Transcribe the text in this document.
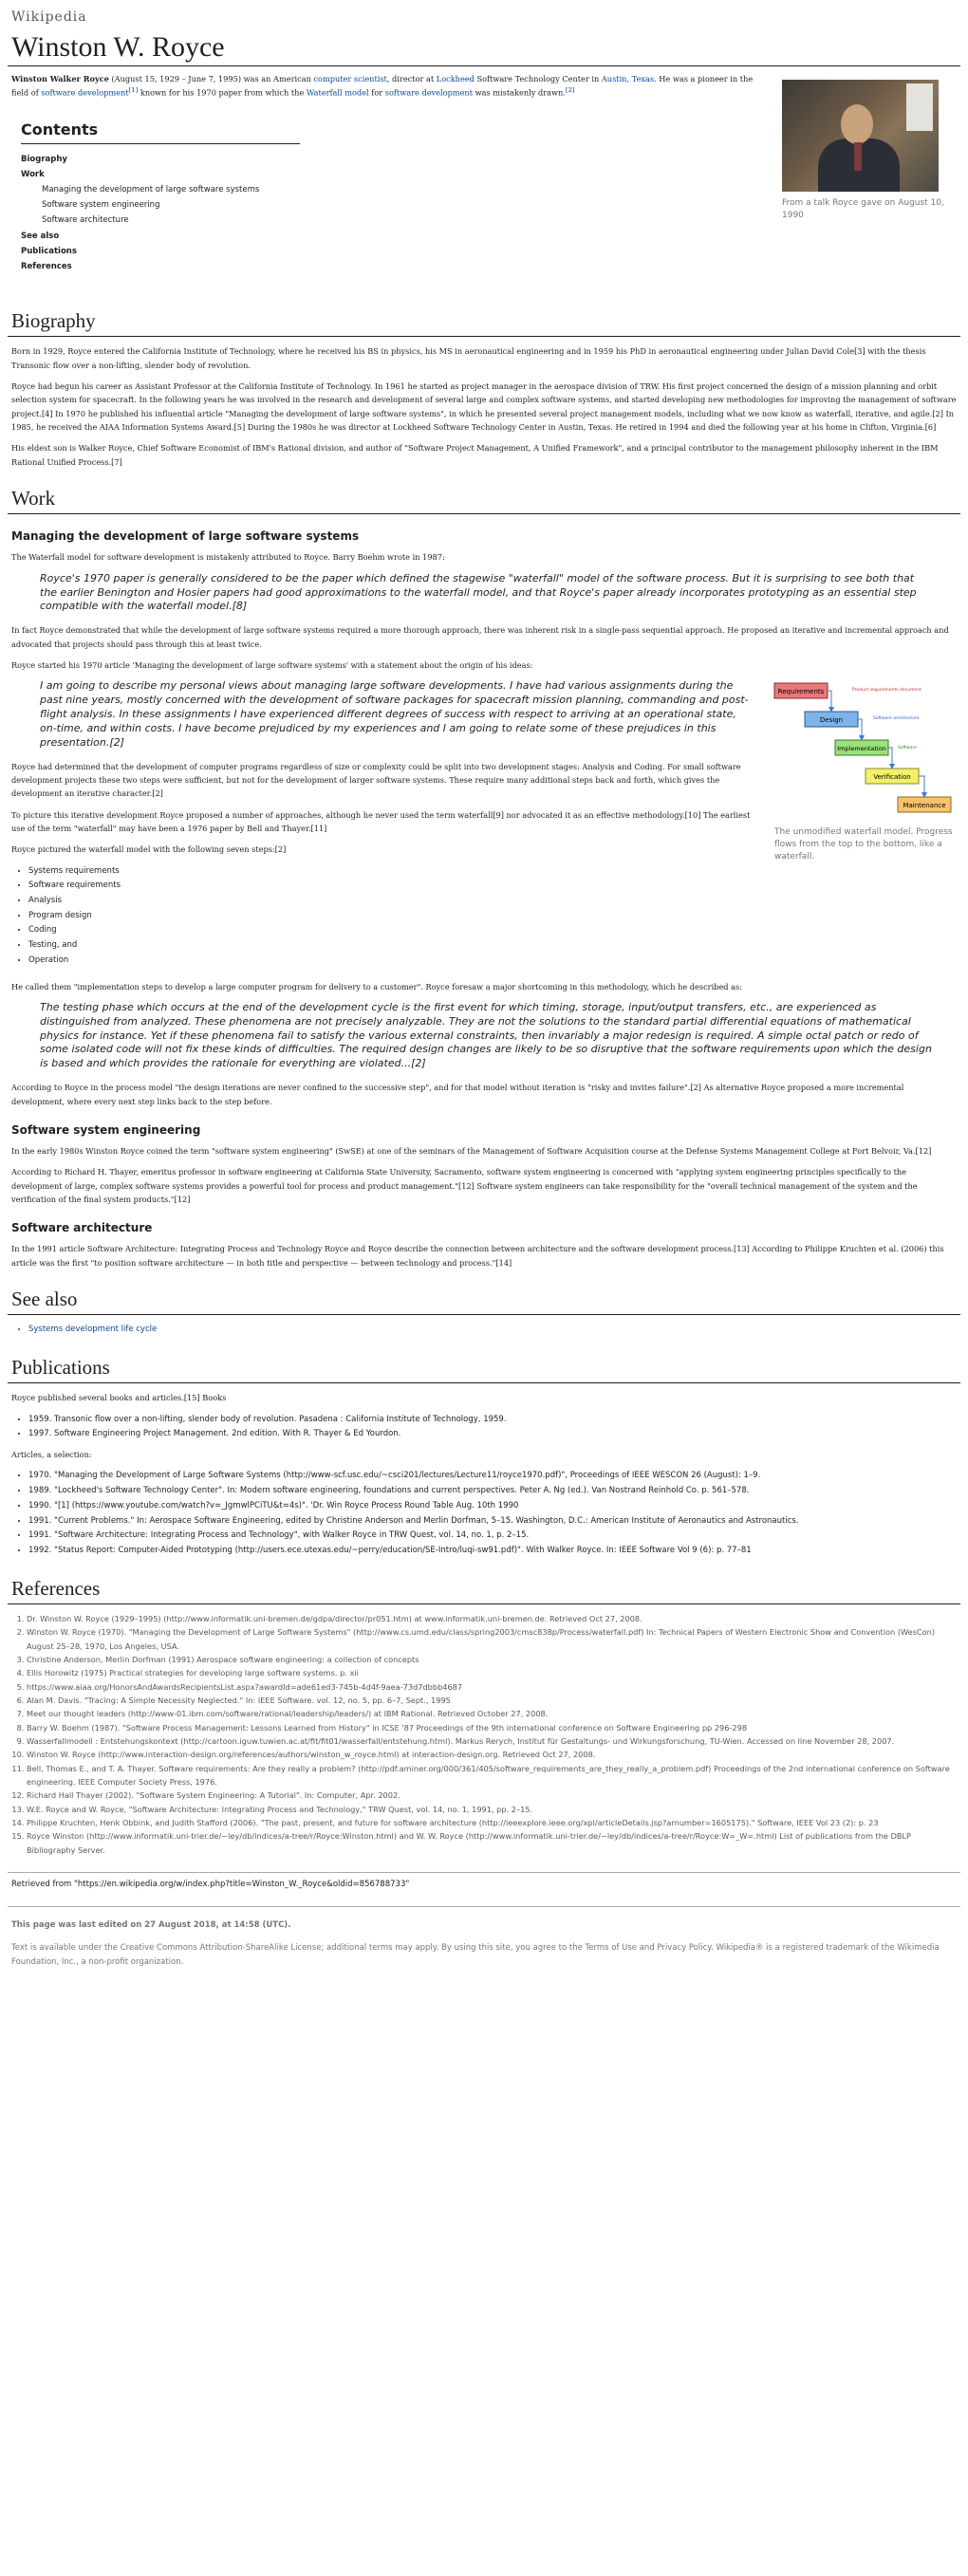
Wikipedia
Winston W. Royce
From a talk Royce gave on August 10, 1990

Winston Walker Royce (August 15, 1929 – June 7, 1995) was an American computer scientist, director at Lockheed Software Technology Center in Austin, Texas. He was a pioneer in the field of software development[1] known for his 1970 paper from which the Waterfall model for software development was mistakenly drawn.[2]

Contents
Biography
Work
Managing the development of large software systems
Software system engineering
Software architecture
See also
Publications
References
Biography

Born in 1929, Royce entered the California Institute of Technology, where he received his BS in physics, his MS in aeronautical engineering and in 1959 his PhD in aeronautical engineering under Julian David Cole[3] with the thesis Transonic flow over a non-lifting, slender body of revolution.

Royce had begun his career as Assistant Professor at the California Institute of Technology. In 1961 he started as project manager in the aerospace division of TRW. His first project concerned the design of a mission planning and orbit selection system for spacecraft. In the following years he was involved in the research and development of several large and complex software systems, and started developing new methodologies for improving the management of software project.[4] In 1970 he published his influential article "Managing the development of large software systems", in which he presented several project management models, including what we now know as waterfall, iterative, and agile.[2] In 1985, he received the AIAA Information Systems Award.[5] During the 1980s he was director at Lockheed Software Technology Center in Austin, Texas. He retired in 1994 and died the following year at his home in Clifton, Virginia.[6]

His eldest son is Walker Royce, Chief Software Economist of IBM's Rational division, and author of "Software Project Management, A Unified Framework", and a principal contributor to the management philosophy inherent in the IBM Rational Unified Process.[7]

Work
Managing the development of large software systems

The Waterfall model for software development is mistakenly attributed to Royce. Barry Boehm wrote in 1987:

Royce's 1970 paper is generally considered to be the paper which defined the stagewise "waterfall" model of the software process. But it is surprising to see both that the earlier Benington and Hosier papers had good approximations to the waterfall model, and that Royce's paper already incorporates prototyping as an essential step compatible with the waterfall model.[8]

In fact Royce demonstrated that while the development of large software systems required a more thorough approach, there was inherent risk in a single-pass sequential approach. He proposed an iterative and incremental approach and advocated that projects should pass through this at least twice.

Royce started his 1970 article 'Managing the development of large software systems' with a statement about the origin of his ideas:

Requirements
Design
Implementation
Verification
Maintenance
Product requirements document
Software architecture
Software
The unmodified waterfall model. Progress flows from the top to the bottom, like a waterfall.
I am going to describe my personal views about managing large software developments. I have had various assignments during the past nine years, mostly concerned with the development of software packages for spacecraft mission planning, commanding and post-flight analysis. In these assignments I have experienced different degrees of success with respect to arriving at an operational state, on-time, and within costs. I have become prejudiced by my experiences and I am going to relate some of these prejudices in this presentation.[2]

Royce had determined that the development of computer programs regardless of size or complexity could be split into two development stages: Analysis and Coding. For small software development projects these two steps were sufficient, but not for the development of larger software systems. These require many additional steps back and forth, which gives the development an iterative character.[2]

To picture this iterative development Royce proposed a number of approaches, although he never used the term waterfall[9] nor advocated it as an effective methodology.[10] The earliest use of the term "waterfall" may have been a 1976 paper by Bell and Thayer.[11]

Royce pictured the waterfall model with the following seven steps:[2]

• Systems requirements
• Software requirements
• Analysis
• Program design
• Coding
• Testing, and
• Operation

He called them "implementation steps to develop a large computer program for delivery to a customer". Royce foresaw a major shortcoming in this methodology, which he described as:

The testing phase which occurs at the end of the development cycle is the first event for which timing, storage, input/output transfers, etc., are experienced as distinguished from analyzed. These phenomena are not precisely analyzable. They are not the solutions to the standard partial differential equations of mathematical physics for instance. Yet if these phenomena fail to satisfy the various external constraints, then invariably a major redesign is required. A simple octal patch or redo of some isolated code will not fix these kinds of difficulties. The required design changes are likely to be so disruptive that the software requirements upon which the design is based and which provides the rationale for everything are violated...[2]

According to Royce in the process model "the design iterations are never confined to the successive step", and for that model without iteration is "risky and invites failure".[2] As alternative Royce proposed a more incremental development, where every next step links back to the step before.

Software system engineering

In the early 1980s Winston Royce coined the term "software system engineering" (SwSE) at one of the seminars of the Management of Software Acquisition course at the Defense Systems Management College at Fort Belvoir, Va.[12]

According to Richard H. Thayer, emeritus professor in software engineering at California State University, Sacramento, software system engineering is concerned with "applying system engineering principles specifically to the development of large, complex software systems provides a powerful tool for process and product management."[12] Software system engineers can take responsibility for the "overall technical management of the system and the verification of the final system products."[12]

Software architecture

In the 1991 article Software Architecture: Integrating Process and Technology Royce and Royce describe the connection between architecture and the software development process.[13] According to Philippe Kruchten et al. (2006) this article was the first "to position software architecture — in both title and perspective — between technology and process."[14]

See also
• Systems development life cycle
Publications

Royce published several books and articles.[15] Books

• 1959. Transonic flow over a non-lifting, slender body of revolution. Pasadena : California Institute of Technology, 1959.
• 1997. Software Engineering Project Management. 2nd edition. With R. Thayer & Ed Yourdon.

Articles, a selection:

• 1970. "Managing the Development of Large Software Systems (http://www-scf.usc.edu/~csci201/lectures/Lecture11/royce1970.pdf)", Proceedings of IEEE WESCON 26 (August): 1–9.
• 1989. "Lockheed's Software Technology Center". In: Modern software engineering, foundations and current perspectives. Peter A. Ng (ed.). Van Nostrand Reinhold Co. p. 561–578.
• 1990. "[1] (https://www.youtube.com/watch?v=_JgmwlPCiTU&t=4s)". 'Dr. Win Royce Process Round Table Aug. 10th 1990
• 1991. "Current Problems." In: Aerospace Software Engineering, edited by Christine Anderson and Merlin Dorfman, 5–15. Washington, D.C.: American Institute of Aeronautics and Astronautics.
• 1991. "Software Architecture: Integrating Process and Technology", with Walker Royce in TRW Quest, vol. 14, no. 1, p. 2–15.
• 1992. "Status Report: Computer-Aided Prototyping (http://users.ece.utexas.edu/~perry/education/SE-Intro/luqi-sw91.pdf)". With Walker Royce. In: IEEE Software Vol 9 (6): p. 77–81
References
1. Dr. Winston W. Royce (1929–1995) (http://www.informatik.uni-bremen.de/gdpa/director/pr051.htm) at www.informatik.uni-bremen.de. Retrieved Oct 27, 2008.
2. Winston W. Royce (1970). "Managing the Development of Large Software Systems" (http://www.cs.umd.edu/class/spring2003/cmsc838p/Process/waterfall.pdf) In: Technical Papers of Western Electronic Show and Convention (WesCon) August 25–28, 1970, Los Angeles, USA.
3. Christine Anderson, Merlin Dorfman (1991) Aerospace software engineering: a collection of concepts
4. Ellis Horowitz (1975) Practical strategies for developing large software systems. p. xii
5. https://www.aiaa.org/HonorsAndAwardsRecipientsList.aspx?awardId=ade61ed3-745b-4d4f-9aea-73d7dbbb4687
6. Alan M. Davis. "Tracing: A Simple Necessity Neglected." In: IEEE Software. vol. 12, no. 5, pp. 6–7, Sept., 1995
7. Meet our thought leaders (http://www-01.ibm.com/software/rational/leadership/leaders/) at IBM Rational. Retrieved October 27, 2008.
8. Barry W. Boehm (1987). "Software Process Management: Lessons Learned from History" in ICSE '87 Proceedings of the 9th international conference on Software Engineering pp 296-298
9. Wasserfallmodell : Entstehungskontext (http://cartoon.iguw.tuwien.ac.at/fit/fit01/wasserfall/entstehung.html). Markus Rerych, Institut für Gestaltungs- und Wirkungsforschung, TU-Wien. Accessed on line November 28, 2007.
10. Winston W. Royce (http://www.interaction-design.org/references/authors/winston_w_royce.html) at interaction-design.org. Retrieved Oct 27, 2008.
11. Bell, Thomas E., and T. A. Thayer. Software requirements: Are they really a problem? (http://pdf.aminer.org/000/361/405/software_requirements_are_they_really_a_problem.pdf) Proceedings of the 2nd international conference on Software engineering. IEEE Computer Society Press, 1976.
12. Richard Hall Thayer (2002). "Software System Engineering: A Tutorial". In: Computer, Apr. 2002.
13. W.E. Royce and W. Royce, "Software Architecture: Integrating Process and Technology," TRW Quest, vol. 14, no. 1, 1991, pp. 2–15.
14. Philippe Kruchten, Henk Obbink, and Judith Stafford (2006). "The past, present, and future for software architecture (http://ieeexplore.ieee.org/xpl/articleDetails.jsp?arnumber=1605175)." Software, IEEE Vol 23 (2): p. 23
15. Royce Winston (http://www.informatik.uni-trier.de/~ley/db/indices/a-tree/r/Royce:Winston.html) and W. W. Royce (http://www.informatik.uni-trier.de/~ley/db/indices/a-tree/r/Royce:W=_W=.html) List of publications from the DBLP Bibliography Server.
Retrieved from "https://en.wikipedia.org/w/index.php?title=Winston_W._Royce&oldid=856788733"
This page was last edited on 27 August 2018, at 14:58 (UTC).
Text is available under the Creative Commons Attribution-ShareAlike License; additional terms may apply. By using this site, you agree to the Terms of Use and Privacy Policy. Wikipedia® is a registered trademark of the Wikimedia Foundation, Inc., a non-profit organization.
